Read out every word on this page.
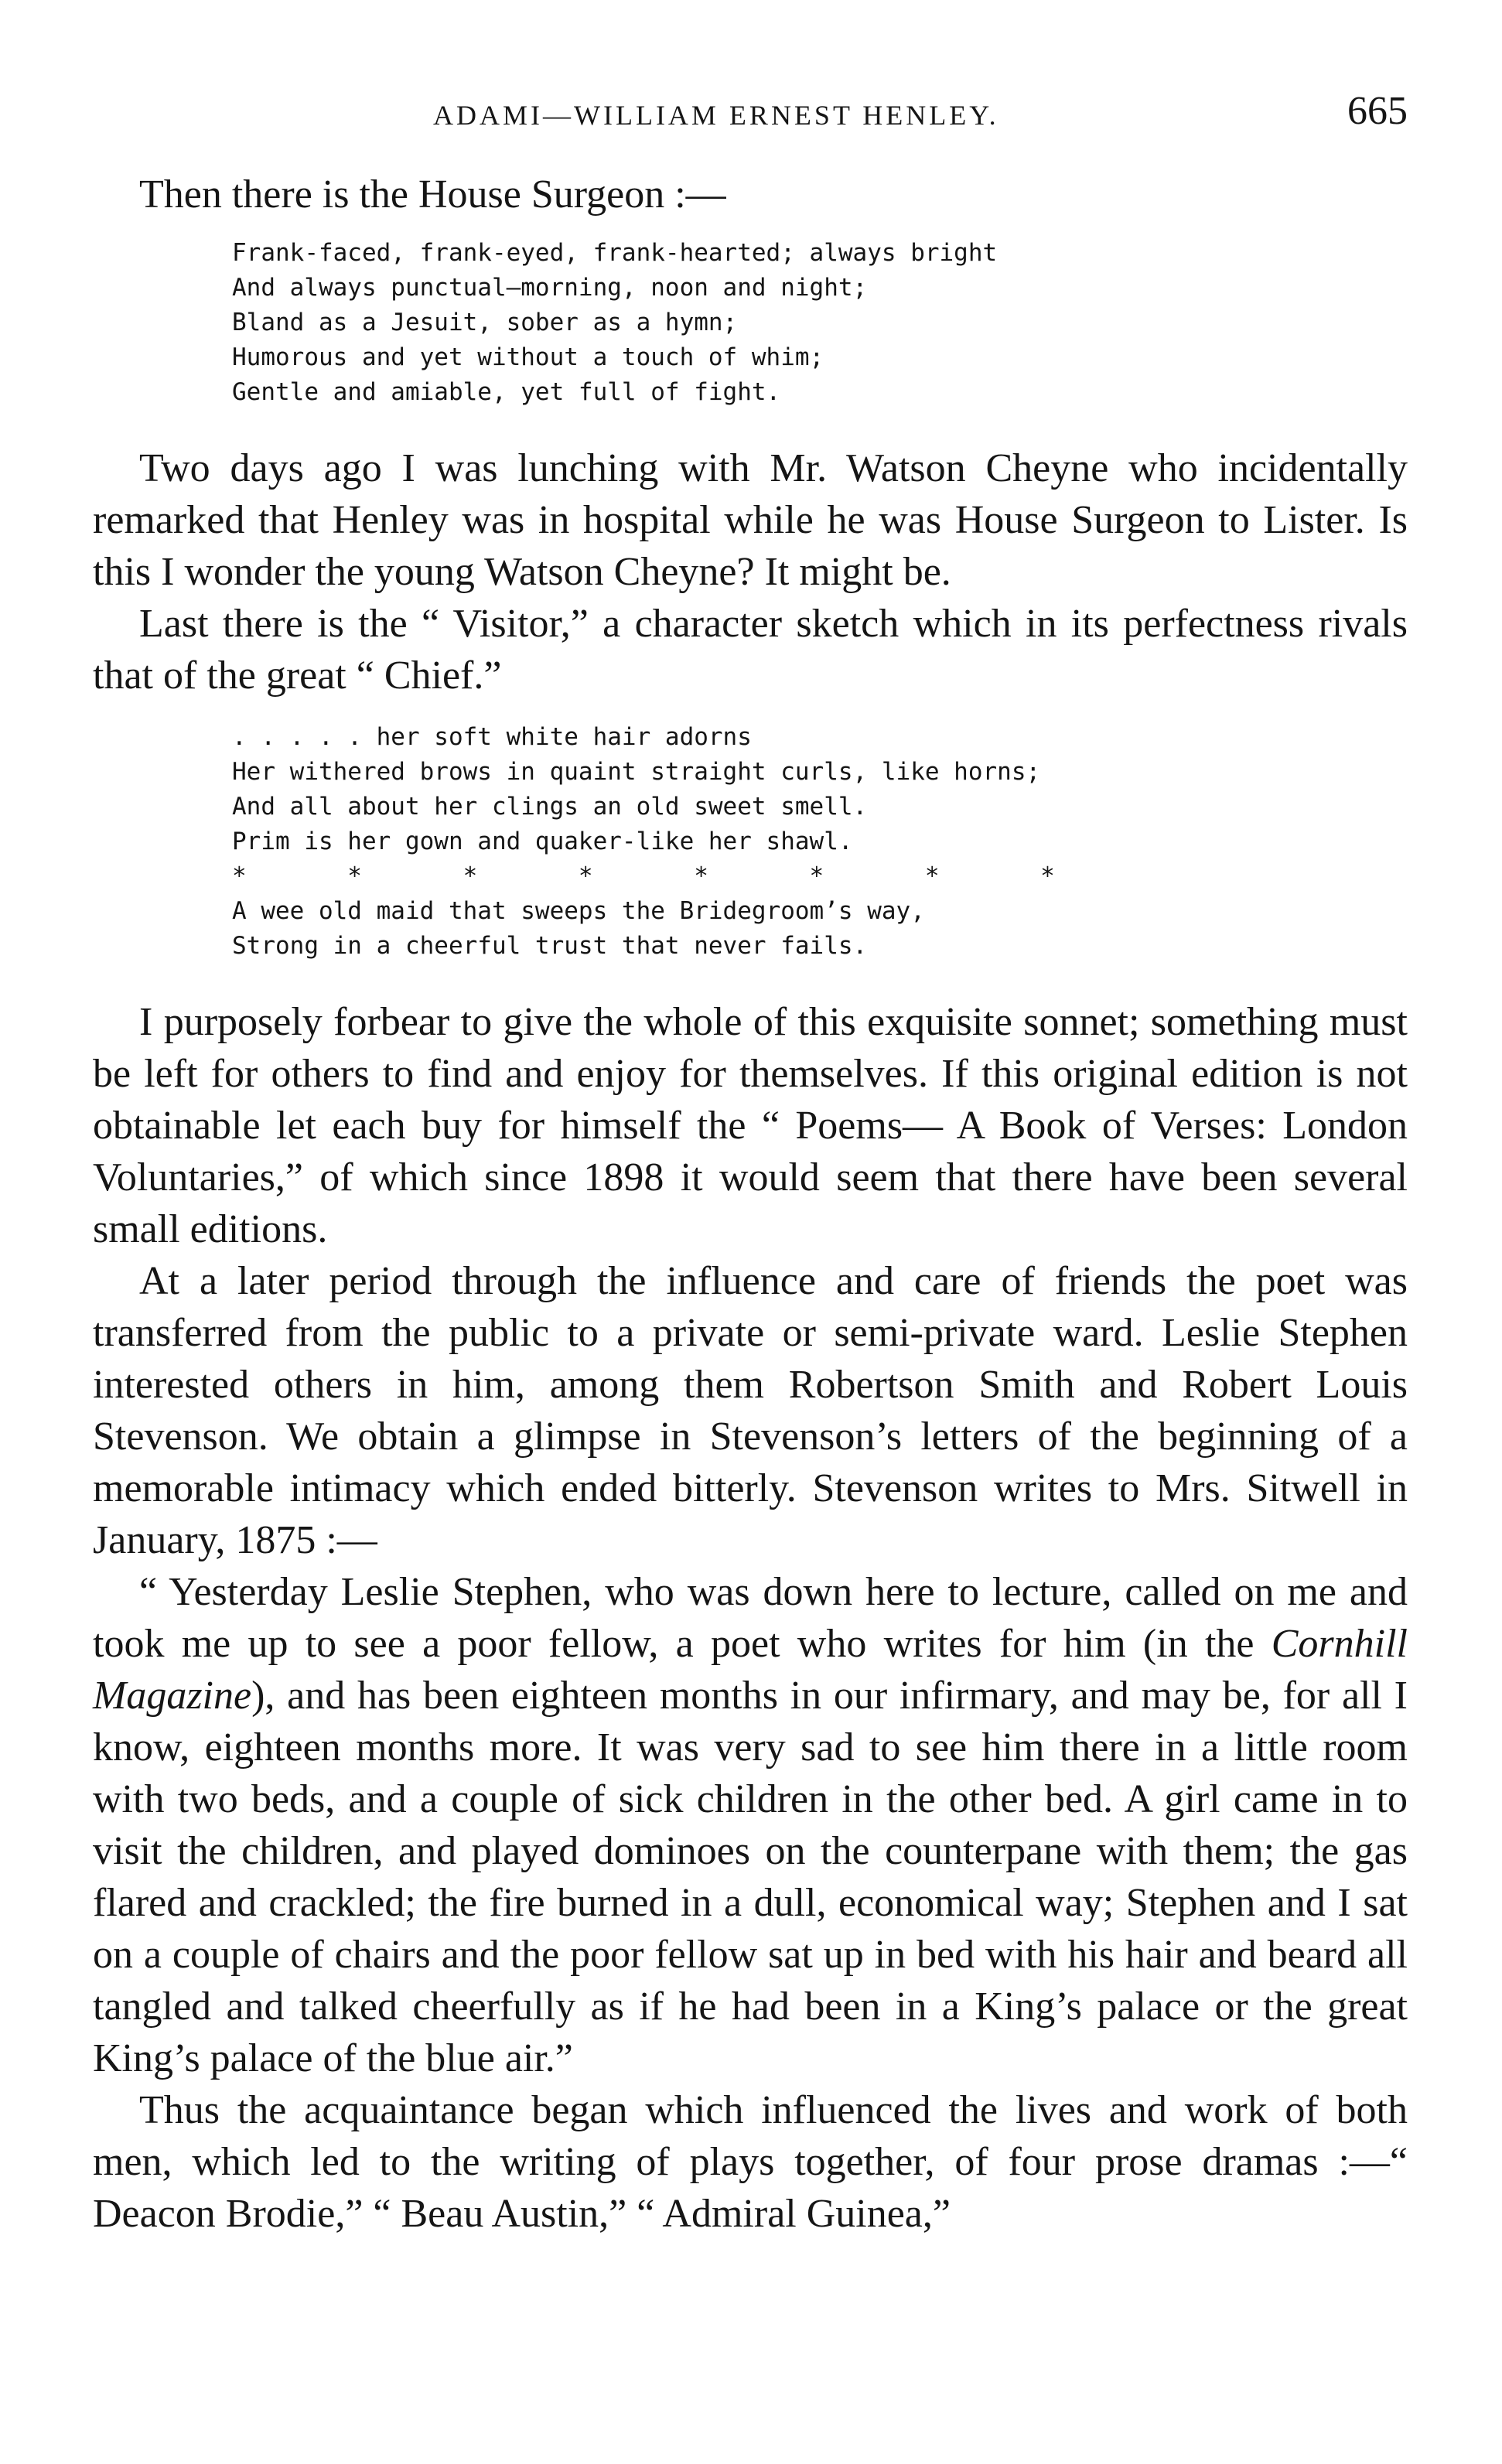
ADAMI—WILLIAM ERNEST HENLEY.	665

Then there is the House Surgeon :—

Frank-faced, frank-eyed, frank-hearted; always bright
And always punctual—morning, noon and night;
Bland as a Jesuit, sober as a hymn;
Humorous and yet without a touch of whim;
Gentle and amiable, yet full of fight.

Two days ago I was lunching with Mr. Watson Cheyne who incidentally remarked that Henley was in hospital while he was House Surgeon to Lister. Is this I wonder the young Watson Cheyne? It might be.

Last there is the “ Visitor,” a character sketch which in its perfectness rivals that of the great “ Chief.”

. . . . . her soft white hair adorns
Her withered brows in quaint straight curls, like horns;
And all about her clings an old sweet smell.
Prim is her gown and quaker-like her shawl.
*       *       *       *       *       *       *       *
A wee old maid that sweeps the Bridegroom’s way,
Strong in a cheerful trust that never fails.

I purposely forbear to give the whole of this exquisite sonnet; something must be left for others to find and enjoy for themselves. If this original edition is not obtainable let each buy for himself the “ Poems— A Book of Verses: London Voluntaries,” of which since 1898 it would seem that there have been several small editions.

At a later period through the influence and care of friends the poet was transferred from the public to a private or semi-private ward. Leslie Stephen interested others in him, among them Robertson Smith and Robert Louis Stevenson. We obtain a glimpse in Stevenson’s letters of the beginning of a memorable intimacy which ended bitterly. Stevenson writes to Mrs. Sitwell in January, 1875 :—

“ Yesterday Leslie Stephen, who was down here to lecture, called on me and took me up to see a poor fellow, a poet who writes for him (in the Cornhill Magazine), and has been eighteen months in our infirmary, and may be, for all I know, eighteen months more. It was very sad to see him there in a little room with two beds, and a couple of sick children in the other bed. A girl came in to visit the children, and played dominoes on the counterpane with them; the gas flared and crackled; the fire burned in a dull, economical way; Stephen and I sat on a couple of chairs and the poor fellow sat up in bed with his hair and beard all tangled and talked cheerfully as if he had been in a King’s palace or the great King’s palace of the blue air.”

Thus the acquaintance began which influenced the lives and work of both men, which led to the writing of plays together, of four prose dramas :—“ Deacon Brodie,” “ Beau Austin,” “ Admiral Guinea,”
